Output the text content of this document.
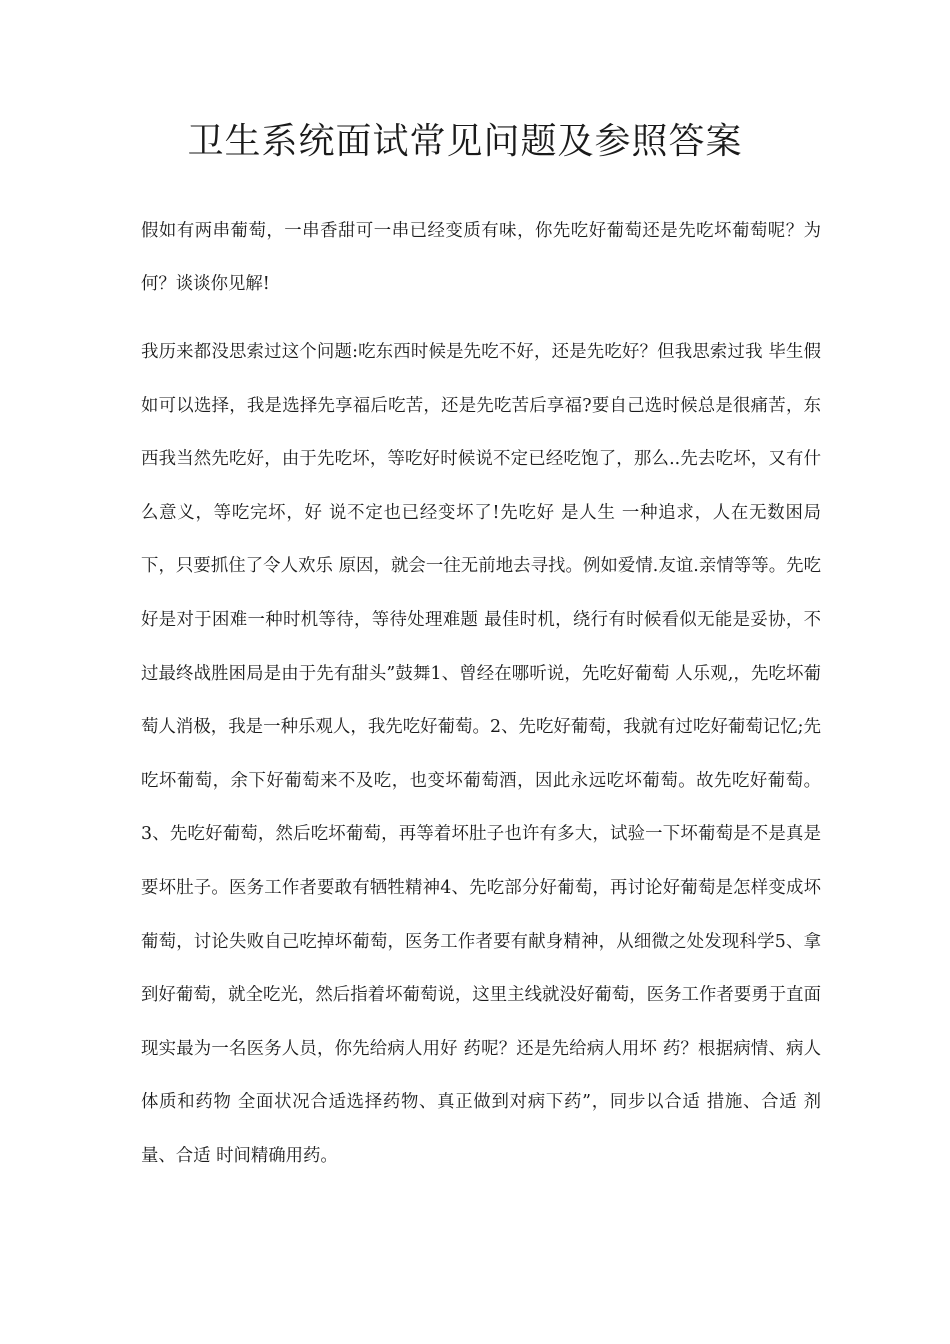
卫生系统面试常见问题及参照答案

假如有两串葡萄，一串香甜可一串已经变质有味，你先吃好葡萄还是先吃坏葡萄呢？为何？谈谈你见解!

我历来都没思索过这个问题:吃东西时候是先吃不好，还是先吃好？但我思索过我 毕生假如可以选择，我是选择先享福后吃苦，还是先吃苦后享福?要自己选时候总是很痛苦，东西我当然先吃好，由于先吃坏，等吃好时候说不定已经吃饱了，那么..先去吃坏，又有什么意义，等吃完坏，好 说不定也已经变坏了!先吃好 是人生 一种追求，人在无数困局下，只要抓住了令人欢乐 原因，就会一往无前地去寻找。例如爱情.友谊.亲情等等。先吃好是对于困难一种时机等待，等待处理难题 最佳时机，绕行有时候看似无能是妥协，不过最终战胜困局是由于先有甜头”鼓舞1、曾经在哪听说，先吃好葡萄 人乐观,，先吃坏葡萄人消极，我是一种乐观人，我先吃好葡萄。2、先吃好葡萄，我就有过吃好葡萄记忆;先吃坏葡萄，余下好葡萄来不及吃，也变坏葡萄酒，因此永远吃坏葡萄。故先吃好葡萄。3、先吃好葡萄，然后吃坏葡萄，再等着坏肚子也许有多大，试验一下坏葡萄是不是真是要坏肚子。医务工作者要敢有牺牲精神4、先吃部分好葡萄，再讨论好葡萄是怎样变成坏葡萄，讨论失败自己吃掉坏葡萄，医务工作者要有献身精神，从细微之处发现科学5、拿到好葡萄，就全吃光，然后指着坏葡萄说，这里主线就没好葡萄，医务工作者要勇于直面现实最为一名医务人员，你先给病人用好 药呢？还是先给病人用坏 药？根据病情、病人体质和药物 全面状况合适选择药物、真正做到对病下药”，同步以合适 措施、合适 剂量、合适 时间精确用药。
